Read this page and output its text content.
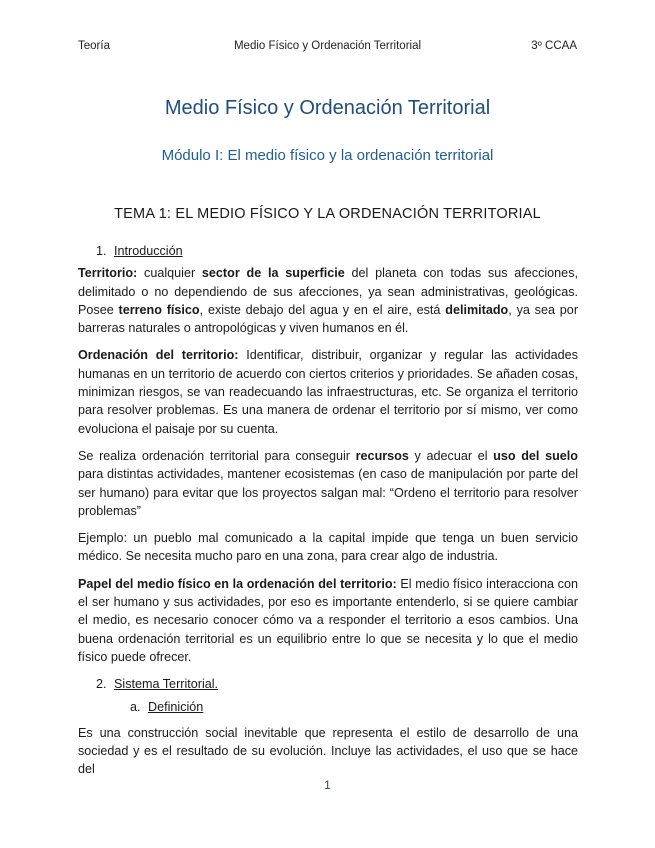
Teoría	Medio Físico y Ordenación Territorial	3º CCAA
Medio Físico y Ordenación Territorial
Módulo I: El medio físico y la ordenación territorial
TEMA 1: EL MEDIO FÍSICO Y LA ORDENACIÓN TERRITORIAL
1. Introducción

Territorio: cualquier sector de la superficie del planeta con todas sus afecciones, delimitado o no dependiendo de sus afecciones, ya sean administrativas, geológicas. Posee terreno físico, existe debajo del agua y en el aire, está delimitado, ya sea por barreras naturales o antropológicas y viven humanos en él.

Ordenación del territorio: Identificar, distribuir, organizar y regular las actividades humanas en un territorio de acuerdo con ciertos criterios y prioridades. Se añaden cosas, minimizan riesgos, se van readecuando las infraestructuras, etc. Se organiza el territorio para resolver problemas. Es una manera de ordenar el territorio por sí mismo, ver como evoluciona el paisaje por su cuenta.

Se realiza ordenación territorial para conseguir recursos y adecuar el uso del suelo para distintas actividades, mantener ecosistemas (en caso de manipulación por parte del ser humano) para evitar que los proyectos salgan mal: “Ordeno el territorio para resolver problemas”

Ejemplo: un pueblo mal comunicado a la capital impide que tenga un buen servicio médico. Se necesita mucho paro en una zona, para crear algo de industria.

Papel del medio físico en la ordenación del territorio: El medio físico interacciona con el ser humano y sus actividades, por eso es importante entenderlo, si se quiere cambiar el medio, es necesario conocer cómo va a responder el territorio a esos cambios. Una buena ordenación territorial es un equilibrio entre lo que se necesita y lo que el medio físico puede ofrecer.

2. Sistema Territorial.
a. Definición

Es una construcción social inevitable que representa el estilo de desarrollo de una sociedad y es el resultado de su evolución. Incluye las actividades, el uso que se hace del

1
